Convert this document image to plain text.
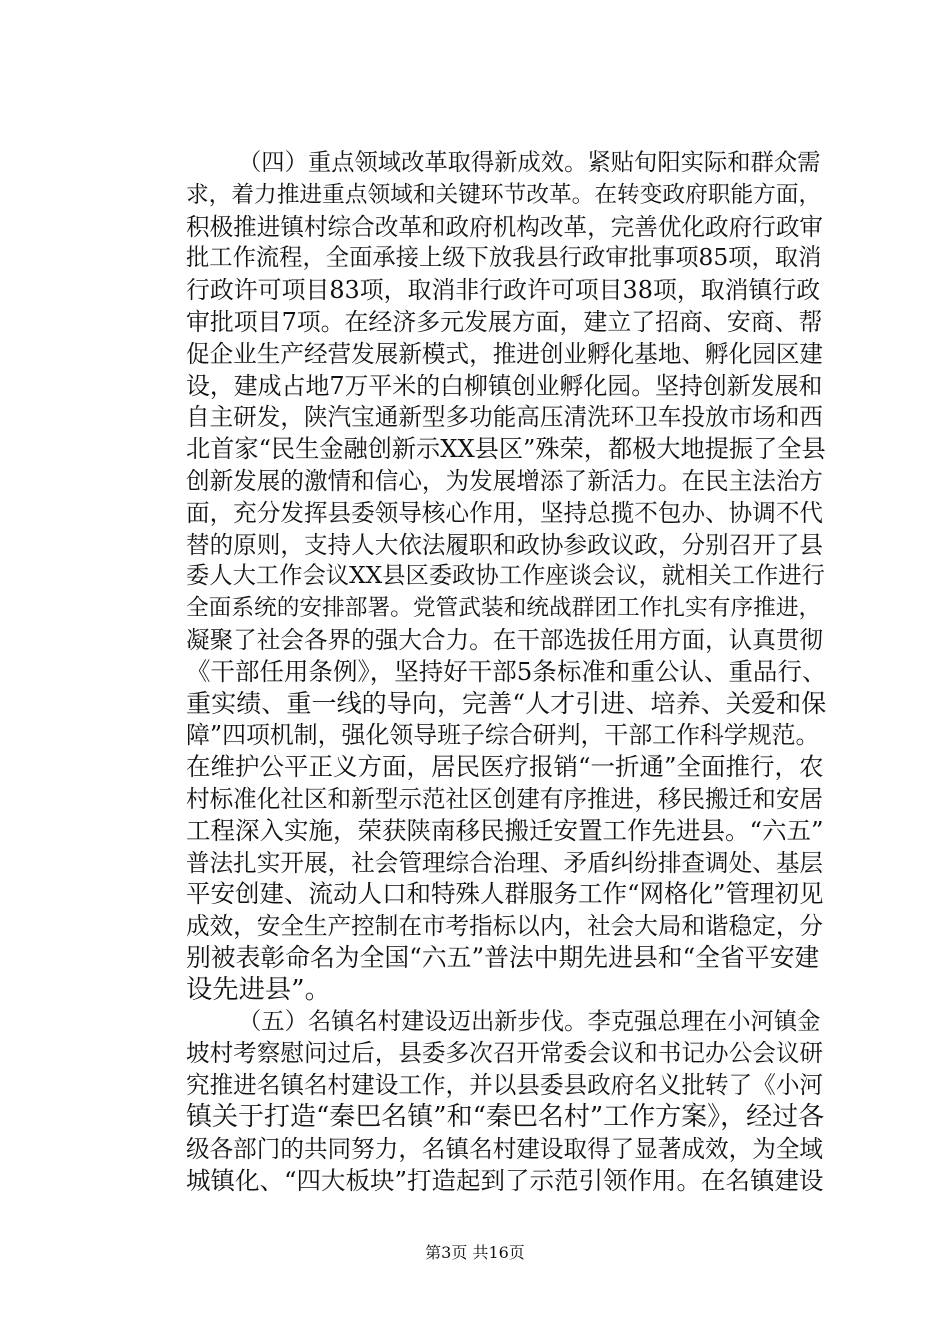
（四）重点领域改革取得新成效。紧贴旬阳实际和群众需
求，着力推进重点领域和关键环节改革。在转变政府职能方面，
积极推进镇村综合改革和政府机构改革，完善优化政府行政审
批工作流程，全面承接上级下放我县行政审批事项85项，取消
行政许可项目83项，取消非行政许可项目38项，取消镇行政
审批项目7项。在经济多元发展方面，建立了招商、安商、帮
促企业生产经营发展新模式，推进创业孵化基地、孵化园区建
设，建成占地7万平米的白柳镇创业孵化园。坚持创新发展和
自主研发，陕汽宝通新型多功能高压清洗环卫车投放市场和西
北首家“民生金融创新示XX县区”殊荣，都极大地提振了全县
创新发展的激情和信心，为发展增添了新活力。在民主法治方
面，充分发挥县委领导核心作用，坚持总揽不包办、协调不代
替的原则，支持人大依法履职和政协参政议政，分别召开了县
委人大工作会议XX县区委政协工作座谈会议，就相关工作进行
全面系统的安排部署。党管武装和统战群团工作扎实有序推进，
凝聚了社会各界的强大合力。在干部选拔任用方面，认真贯彻
《干部任用条例》，坚持好干部5条标准和重公认、重品行、
重实绩、重一线的导向，完善“人才引进、培养、关爱和保
障”四项机制，强化领导班子综合研判，干部工作科学规范。
在维护公平正义方面，居民医疗报销“一折通”全面推行，农
村标准化社区和新型示范社区创建有序推进，移民搬迁和安居
工程深入实施，荣获陕南移民搬迁安置工作先进县。“六五”
普法扎实开展，社会管理综合治理、矛盾纠纷排查调处、基层
平安创建、流动人口和特殊人群服务工作“网格化”管理初见
成效，安全生产控制在市考指标以内，社会大局和谐稳定，分
别被表彰命名为全国“六五”普法中期先进县和“全省平安建
设先进县”。
（五）名镇名村建设迈出新步伐。李克强总理在小河镇金
坡村考察慰问过后，县委多次召开常委会议和书记办公会议研
究推进名镇名村建设工作，并以县委县政府名义批转了《小河
镇关于打造“秦巴名镇”和“秦巴名村”工作方案》，经过各
级各部门的共同努力，名镇名村建设取得了显著成效，为全域
城镇化、“四大板块”打造起到了示范引领作用。在名镇建设
第3页 共16页
